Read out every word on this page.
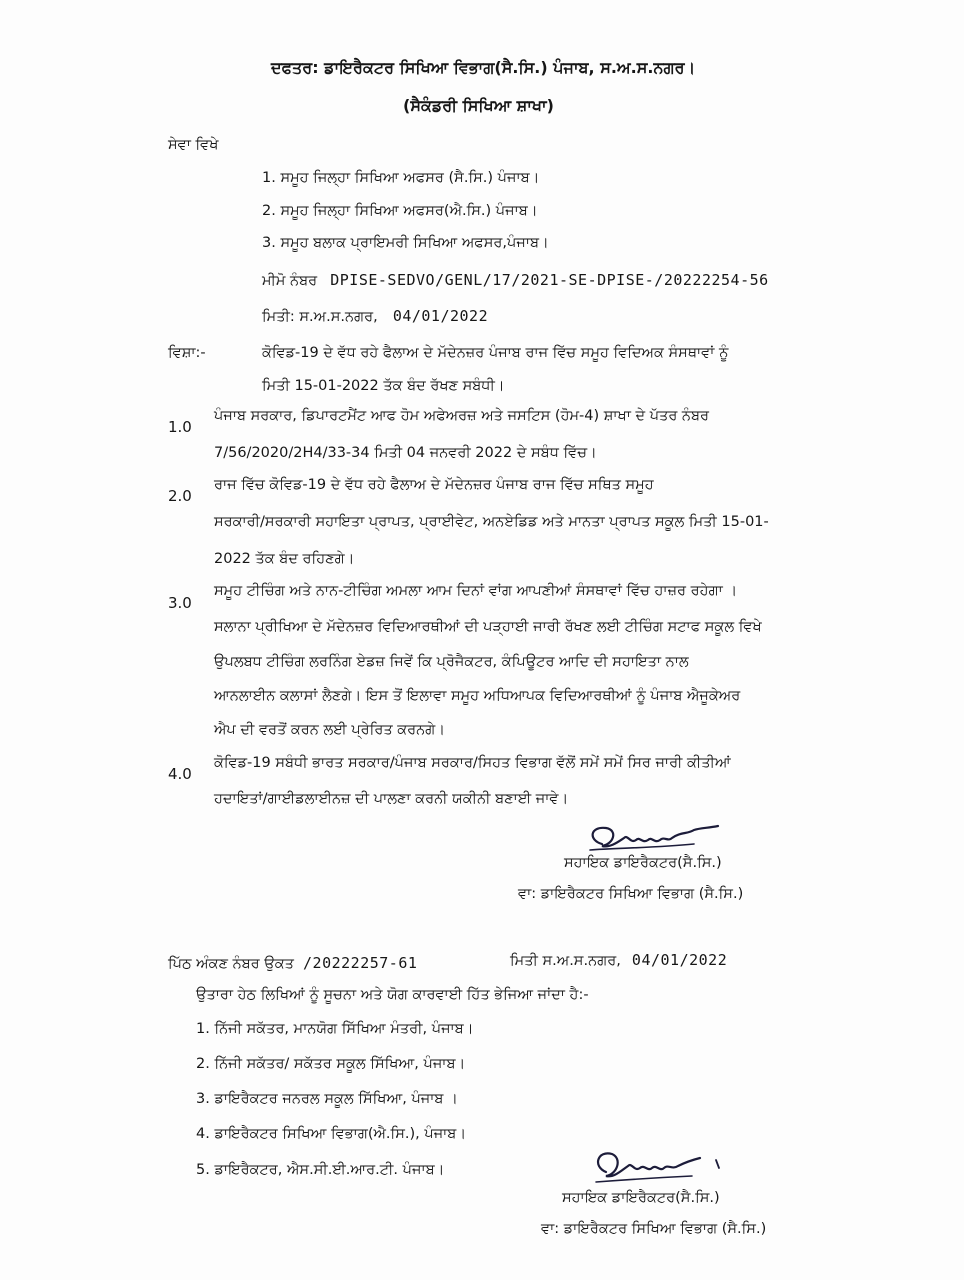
ਦਫਤਰ: ਡਾਇਰੈਕਟਰ ਸਿਖਿਆ ਵਿਭਾਗ(ਸੈ.ਸਿ.) ਪੰਜਾਬ, ਸ.ਅ.ਸ.ਨਗਰ।
(ਸੈਕੰਡਰੀ ਸਿਖਿਆ ਸ਼ਾਖਾ)
ਸੇਵਾ ਵਿਖੇ
1. ਸਮੂਹ ਜਿਲ੍ਹਾ ਸਿਖਿਆ ਅਫਸਰ (ਸੈ.ਸਿ.) ਪੰਜਾਬ।
2. ਸਮੂਹ ਜਿਲ੍ਹਾ ਸਿਖਿਆ ਅਫਸਰ(ਐ.ਸਿ.) ਪੰਜਾਬ।
3. ਸਮੂਹ ਬਲਾਕ ਪ੍ਰਾਇਮਰੀ ਸਿਖਿਆ ਅਫਸਰ,ਪੰਜਾਬ।
ਮੀਮੋ ਨੰਬਰ DPISE-SEDVO/GENL/17/2021-SE-DPISE-/20222254-56
ਮਿਤੀ: ਸ.ਅ.ਸ.ਨਗਰ, 04/01/2022
ਵਿਸ਼ਾ:-	ਕੋਵਿਡ-19 ਦੇ ਵੱਧ ਰਹੇ ਫੈਲਾਅ ਦੇ ਮੱਦੇਨਜ਼ਰ ਪੰਜਾਬ ਰਾਜ ਵਿੱਚ ਸਮੂਹ ਵਿਦਿਅਕ ਸੰਸਥਾਵਾਂ ਨੂੰ
ਮਿਤੀ 15-01-2022 ਤੱਕ ਬੰਦ ਰੱਖਣ ਸਬੰਧੀ।
1.0
ਪੰਜਾਬ ਸਰਕਾਰ, ਡਿਪਾਰਟਮੈਂਟ ਆਫ ਹੋਮ ਅਫੇਅਰਜ਼ ਅਤੇ ਜਸਟਿਸ (ਹੋਮ-4) ਸ਼ਾਖਾ ਦੇ ਪੱਤਰ ਨੰਬਰ
7/56/2020/2H4/33-34 ਮਿਤੀ 04 ਜਨਵਰੀ 2022 ਦੇ ਸਬੰਧ ਵਿੱਚ।
2.0
ਰਾਜ ਵਿੱਚ ਕੋਵਿਡ-19 ਦੇ ਵੱਧ ਰਹੇ ਫੈਲਾਅ ਦੇ ਮੱਦੇਨਜ਼ਰ ਪੰਜਾਬ ਰਾਜ ਵਿੱਚ ਸਥਿਤ ਸਮੂਹ
ਸਰਕਾਰੀ/ਸਰਕਾਰੀ ਸਹਾਇਤਾ ਪ੍ਰਾਪਤ, ਪ੍ਰਾਈਵੇਟ, ਅਨਏਡਿਡ ਅਤੇ ਮਾਨਤਾ ਪ੍ਰਾਪਤ ਸਕੂਲ ਮਿਤੀ 15-01-
2022 ਤੱਕ ਬੰਦ ਰਹਿਣਗੇ।
3.0
ਸਮੂਹ ਟੀਚਿੰਗ ਅਤੇ ਨਾਨ-ਟੀਚਿੰਗ ਅਮਲਾ ਆਮ ਦਿਨਾਂ ਵਾਂਗ ਆਪਣੀਆਂ ਸੰਸਥਾਵਾਂ ਵਿੱਚ ਹਾਜ਼ਰ ਰਹੇਗਾ ।
ਸਲਾਨਾ ਪ੍ਰੀਖਿਆ ਦੇ ਮੱਦੇਨਜ਼ਰ ਵਿਦਿਆਰਥੀਆਂ ਦੀ ਪੜ੍ਹਾਈ ਜਾਰੀ ਰੱਖਣ ਲਈ ਟੀਚਿੰਗ ਸਟਾਫ ਸਕੂਲ ਵਿਖੇ
ਉਪਲਬਧ ਟੀਚਿੰਗ ਲਰਨਿੰਗ ਏਡਜ਼ ਜਿਵੇਂ ਕਿ ਪ੍ਰੋਜੈਕਟਰ, ਕੰਪਿਊਟਰ ਆਦਿ ਦੀ ਸਹਾਇਤਾ ਨਾਲ
ਆਨਲਾਈਨ ਕਲਾਸਾਂ ਲੈਣਗੇ। ਇਸ ਤੋਂ ਇਲਾਵਾ ਸਮੂਹ ਅਧਿਆਪਕ ਵਿਦਿਆਰਥੀਆਂ ਨੂੰ ਪੰਜਾਬ ਐਜੂਕੇਅਰ
ਐਪ ਦੀ ਵਰਤੋਂ ਕਰਨ ਲਈ ਪ੍ਰੇਰਿਤ ਕਰਨਗੇ।
4.0
ਕੋਵਿਡ-19 ਸਬੰਧੀ ਭਾਰਤ ਸਰਕਾਰ/ਪੰਜਾਬ ਸਰਕਾਰ/ਸਿਹਤ ਵਿਭਾਗ ਵੱਲੋਂ ਸਮੇਂ ਸਮੇਂ ਸਿਰ ਜਾਰੀ ਕੀਤੀਆਂ
ਹਦਾਇਤਾਂ/ਗਾਈਡਲਾਈਨਜ਼ ਦੀ ਪਾਲਣਾ ਕਰਨੀ ਯਕੀਨੀ ਬਣਾਈ ਜਾਵੇ।
ਸਹਾਇਕ ਡਾਇਰੈਕਟਰ(ਸੈ.ਸਿ.)
ਵਾ: ਡਾਇਰੈਕਟਰ ਸਿਖਿਆ ਵਿਭਾਗ (ਸੈ.ਸਿ.)
ਪਿੱਠ ਅੰਕਣ ਨੰਬਰ ਉਕਤ /20222257-61	ਮਿਤੀ ਸ.ਅ.ਸ.ਨਗਰ, 04/01/2022
ਉਤਾਰਾ ਹੇਠ ਲਿਖਿਆਂ ਨੂੰ ਸੂਚਨਾ ਅਤੇ ਯੋਗ ਕਾਰਵਾਈ ਹਿੱਤ ਭੇਜਿਆ ਜਾਂਦਾ ਹੈ:-
1. ਨਿੱਜੀ ਸਕੱਤਰ, ਮਾਨਯੋਗ ਸਿੱਖਿਆ ਮੰਤਰੀ, ਪੰਜਾਬ।
2. ਨਿੱਜੀ ਸਕੱਤਰ/ ਸਕੱਤਰ ਸਕੂਲ ਸਿੱਖਿਆ, ਪੰਜਾਬ।
3. ਡਾਇਰੈਕਟਰ ਜਨਰਲ ਸਕੂਲ ਸਿੱਖਿਆ, ਪੰਜਾਬ ।
4. ਡਾਇਰੈਕਟਰ ਸਿਖਿਆ ਵਿਭਾਗ(ਐ.ਸਿ.), ਪੰਜਾਬ।
5. ਡਾਇਰੈਕਟਰ, ਐਸ.ਸੀ.ਈ.ਆਰ.ਟੀ. ਪੰਜਾਬ।
ਸਹਾਇਕ ਡਾਇਰੈਕਟਰ(ਸੈ.ਸਿ.)
ਵਾ: ਡਾਇਰੈਕਟਰ ਸਿਖਿਆ ਵਿਭਾਗ (ਸੈ.ਸਿ.)
